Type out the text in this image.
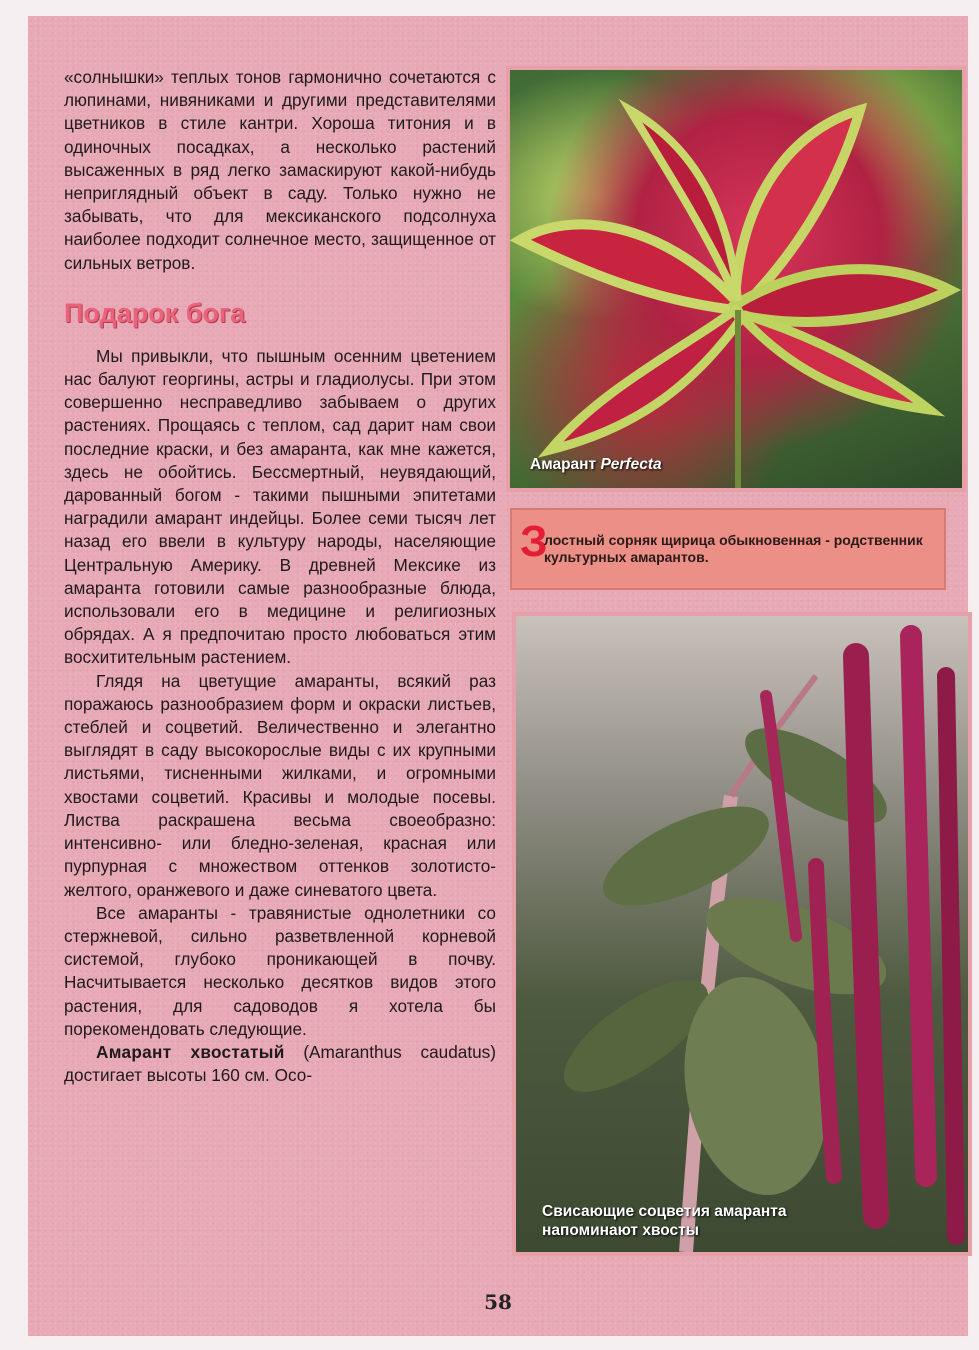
«солнышки» теплых тонов гармонично сочетаются с люпинами, нивяниками и другими представителями цветников в стиле кантри. Хороша титония и в одиночных посадках, а несколько растений высаженных в ряд легко замаскируют какой-нибудь неприглядный объект в саду. Только нужно не забывать, что для мексиканского подсолнуха наиболее подходит солнечное место, защищенное от сильных ветров.

Подарок бога

Мы привыкли, что пышным осенним цветением нас балуют георгины, астры и гладиолусы. При этом совершенно несправедливо забываем о других растениях. Прощаясь с теплом, сад дарит нам свои последние краски, и без амаранта, как мне кажется, здесь не обойтись. Бессмертный, неувядающий, дарованный богом - такими пышными эпитетами наградили амарант индейцы. Более семи тысяч лет назад его ввели в культуру народы, населяющие Центральную Америку. В древней Мексике из амаранта готовили самые разнообразные блюда, использовали его в медицине и религиозных обрядах. А я предпочитаю просто любоваться этим восхитительным растением.

Глядя на цветущие амаранты, всякий раз поражаюсь разнообразием форм и окраски листьев, стеблей и соцветий. Величественно и элегантно выглядят в саду высокорослые виды с их крупными листьями, тисненными жилками, и огромными хвостами соцветий. Красивы и молодые посевы. Листва раскрашена весьма своеобразно: интенсивно- или бледно-зеленая, красная или пурпурная с множеством оттенков золотисто-желтого, оранжевого и даже синеватого цвета.

Все амаранты - травянистые однолетники со стержневой, сильно разветвленной корневой системой, глубоко проникающей в почву. Насчитывается несколько десятков видов этого растения, для садоводов я хотела бы порекомендовать следующие.

Амарант хвостатый (Amaranthus caudatus) достигает высоты 160 см. Осо-

Амарант Perfecta
З
лостный сорняк щирица обыкновенная - родственник культурных амарантов.
Свисающие соцветия амаранта напоминают хвосты
58
